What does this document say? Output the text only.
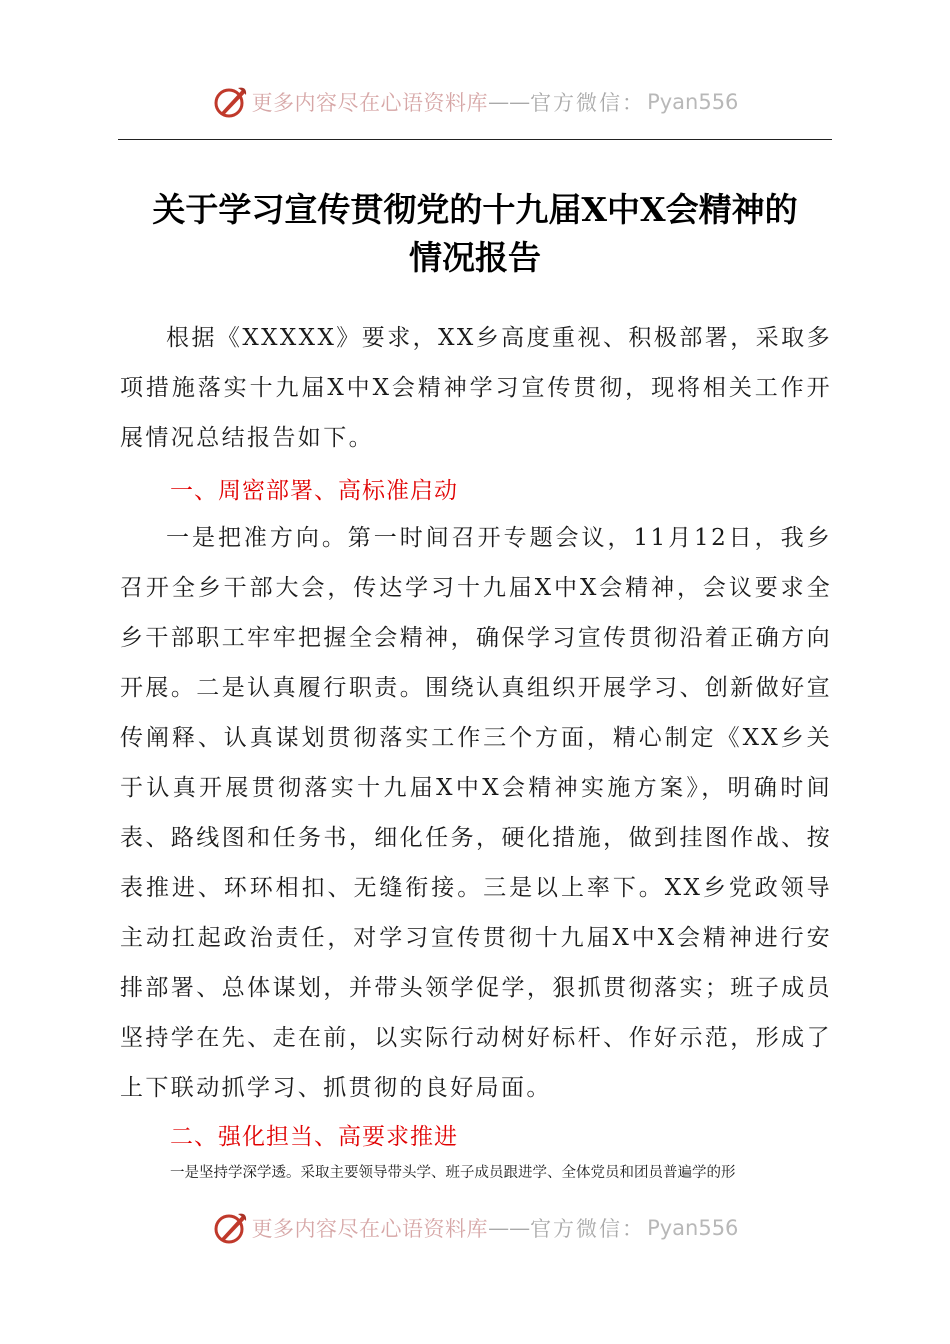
更多内容尽在心语资料库 —— 官方微信： Pyan556
关于学习宣传贯彻党的十九届X中X会精神的
情况报告
根据《XXXXX》要求，XX乡高度重视、积极部署，采取多项措施落实十九届X中X会精神学习宣传贯彻，现将相关工作开展情况总结报告如下。
一、周密部署、高标准启动
一是把准方向。第一时间召开专题会议，11月12日，我乡召开全乡干部大会，传达学习十九届X中X会精神，会议要求全乡干部职工牢牢把握全会精神，确保学习宣传贯彻沿着正确方向开展。二是认真履行职责。围绕认真组织开展学习、创新做好宣传阐释、认真谋划贯彻落实工作三个方面，精心制定《XX乡关于认真开展贯彻落实十九届X中X会精神实施方案》，明确时间表、路线图和任务书，细化任务，硬化措施，做到挂图作战、按表推进、环环相扣、无缝衔接。三是以上率下。XX乡党政领导主动扛起政治责任，对学习宣传贯彻十九届X中X会精神进行安排部署、总体谋划，并带头领学促学，狠抓贯彻落实；班子成员坚持学在先、走在前，以实际行动树好标杆、作好示范，形成了上下联动抓学习、抓贯彻的良好局面。
二、强化担当、高要求推进
一是坚持学深学透。采取主要领导带头学、班子成员跟进学、全体党员和团员普遍学的形
更多内容尽在心语资料库 —— 官方微信： Pyan556
